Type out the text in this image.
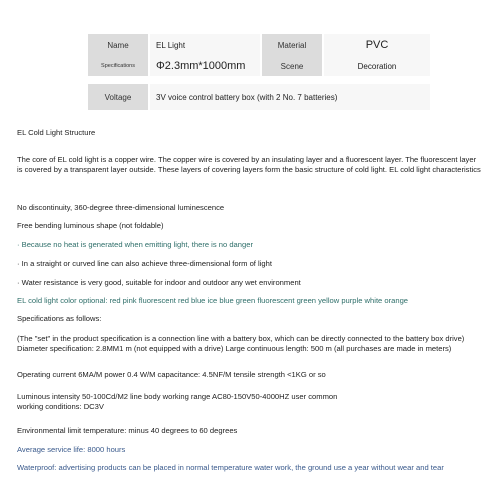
Name	EL Light	Material	PVC
Specifications	Φ2.3mm*1000mm	Scene	Decoration
Voltage	3V voice control battery box (with 2 No. 7 batteries)

EL Cold Light Structure

The core of EL cold light is a copper wire. The copper wire is covered by an insulating layer and a fluorescent layer. The fluorescent layer is covered by a transparent layer outside. These layers of covering layers form the basic structure of cold light. EL cold light characteristics

No discontinuity, 360-degree three-dimensional luminescence

Free bending luminous shape (not foldable)

· Because no heat is generated when emitting light, there is no danger

· In a straight or curved line can also achieve three-dimensional form of light

· Water resistance is very good, suitable for indoor and outdoor any wet environment

EL cold light color optional: red pink fluorescent red blue ice blue green fluorescent green yellow purple white orange

Specifications as follows:

(The "set" in the product specification is a connection line with a battery box, which can be directly connected to the battery box drive) Diameter specification: 2.8MM1 m (not equipped with a drive) Large continuous length: 500 m (all purchases are made in meters)

Operating current 6MA/M power 0.4 W/M capacitance: 4.5NF/M tensile strength <1KG or so

Luminous intensity 50-100Cd/M2 line body working range AC80-150V50-4000HZ user common working conditions: DC3V

Environmental limit temperature: minus 40 degrees to 60 degrees

Average service life: 8000 hours

Waterproof: advertising products can be placed in normal temperature water work, the ground use a year without wear and tear
